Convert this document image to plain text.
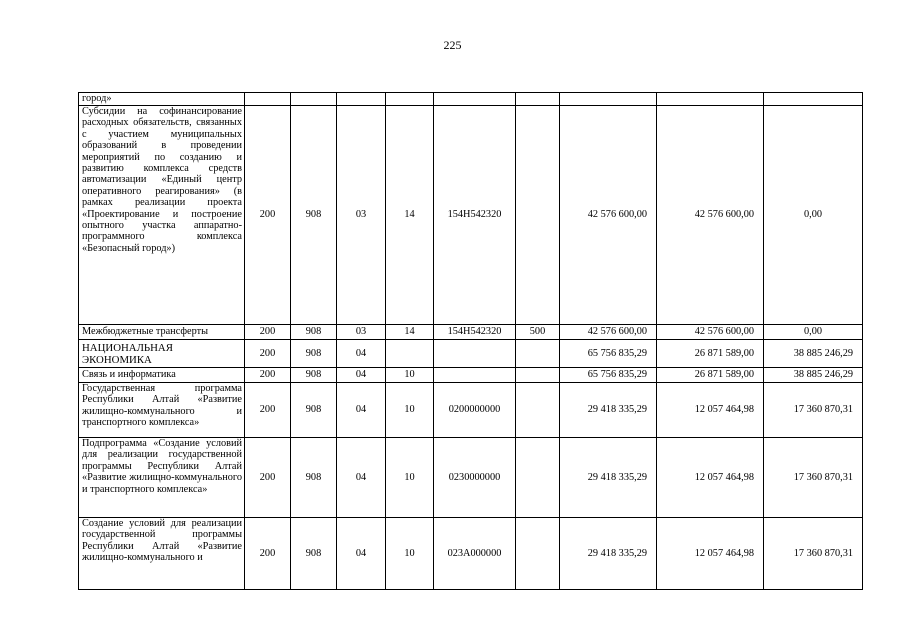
225
город»									
Субсидии на софинансирование расходных обязательств, связанных с участием муниципальных образований в проведении мероприятий по созданию и развитию комплекса средств автоматизации «Единый центр оперативного реагирования» (в рамках реализации проекта «Проектирование и построение опытного участка аппаратно-программного комплекса «Безопасный город»)	200	908	03	14	154H542320		42 576 600,00	42 576 600,00	0,00
Межбюджетные трансферты	200	908	03	14	154H542320	500	42 576 600,00	42 576 600,00	0,00
НАЦИОНАЛЬНАЯ ЭКОНОМИКА	200	908	04				65 756 835,29	26 871 589,00	38 885 246,29
Связь и информатика	200	908	04	10			65 756 835,29	26 871 589,00	38 885 246,29
Государственная программа Республики Алтай «Развитие жилищно-коммунального и транспортного комплекса»	200	908	04	10	0200000000		29 418 335,29	12 057 464,98	17 360 870,31
Подпрограмма «Создание условий для реализации государственной программы Республики Алтай «Развитие жилищно-коммунального и транспортного комплекса»	200	908	04	10	0230000000		29 418 335,29	12 057 464,98	17 360 870,31
Создание условий для реализации государственной программы Республики Алтай «Развитие жилищно-коммунального и	200	908	04	10	023A000000		29 418 335,29	12 057 464,98	17 360 870,31
